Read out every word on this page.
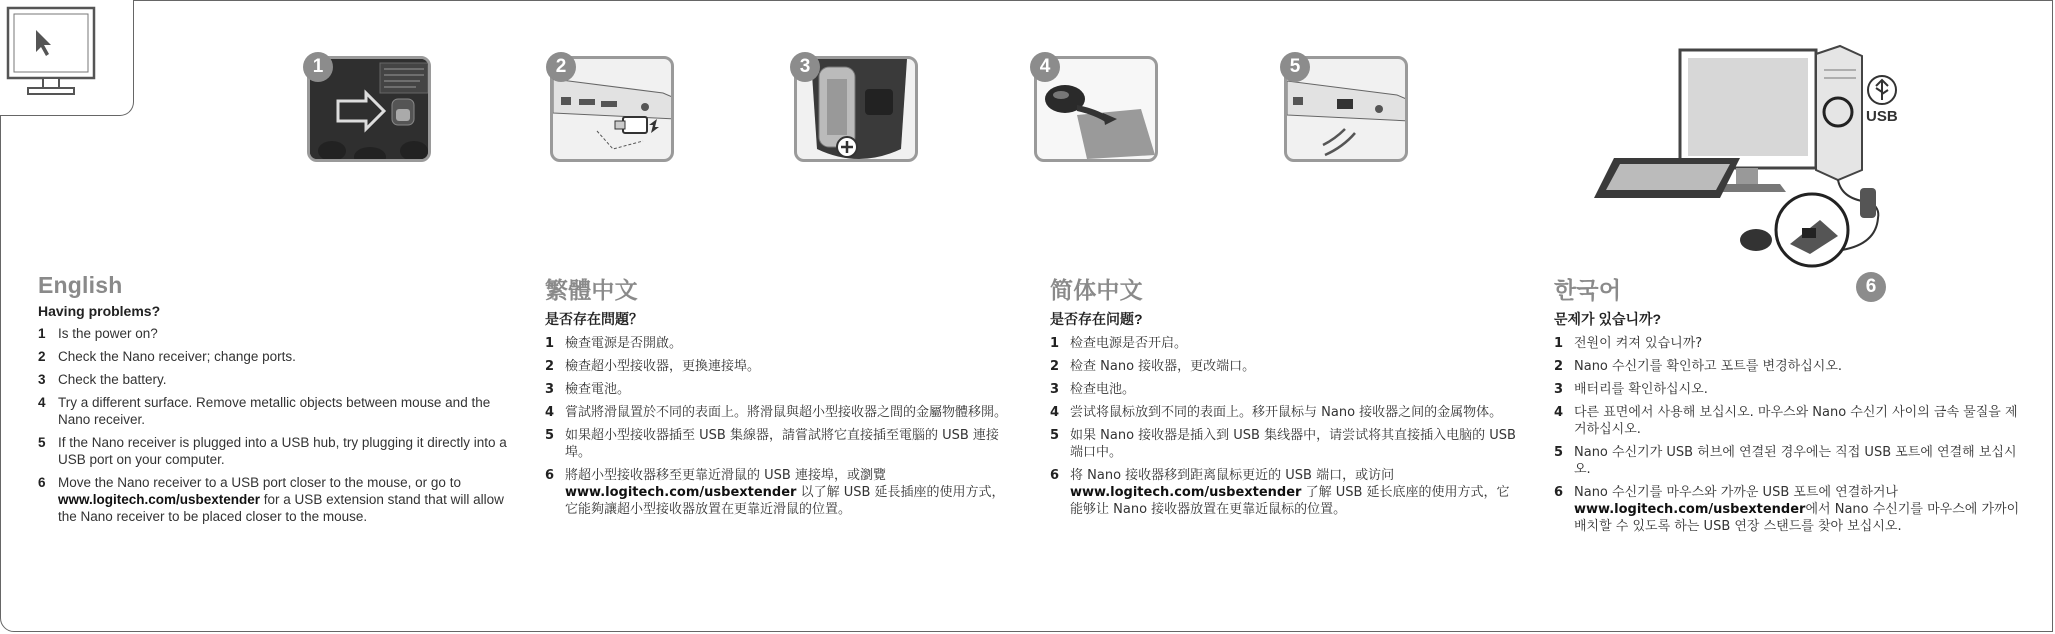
1	2	3	4	5
USB
6
English
Having problems?
1 Is the power on?
2 Check the Nano receiver; change ports.
3 Check the battery.
4 Try a different surface. Remove metallic objects between mouse and the Nano receiver.
5 If the Nano receiver is plugged into a USB hub, try plugging it directly into a USB port on your computer.
6 Move the Nano receiver to a USB port closer to the mouse, or go to www.logitech.com/usbextender for a USB extension stand that will allow the Nano receiver to be placed closer to the mouse.
繁體中文
是否存在問題？
1 檢查電源是否開啟。
2 檢查超小型接收器，更換連接埠。
3 檢查電池。
4 嘗試將滑鼠置於不同的表面上。將滑鼠與超小型接收器之間的金屬物體移開。
5 如果超小型接收器插至 USB 集線器，請嘗試將它直接插至電腦的 USB 連接埠。
6 將超小型接收器移至更靠近滑鼠的 USB 連接埠，或瀏覽 www.logitech.com/usbextender 以了解 USB 延長插座的使用方式，它能夠讓超小型接收器放置在更靠近滑鼠的位置。
简体中文
是否存在问题?
1 检查电源是否开启。
2 检查 Nano 接收器，更改端口。
3 检查电池。
4 尝试将鼠标放到不同的表面上。移开鼠标与 Nano 接收器之间的金属物体。
5 如果 Nano 接收器是插入到 USB 集线器中，请尝试将其直接插入电脑的 USB 端口中。
6 将 Nano 接收器移到距离鼠标更近的 USB 端口，或访问 www.logitech.com/usbextender 了解 USB 延长底座的使用方式，它能够让 Nano 接收器放置在更靠近鼠标的位置。
한국어
문제가 있습니까?
1 전원이 켜져 있습니까?
2 Nano 수신기를 확인하고 포트를 변경하십시오.
3 배터리를 확인하십시오.
4 다른 표면에서 사용해 보십시오. 마우스와 Nano 수신기 사이의 금속 물질을 제거하십시오.
5 Nano 수신기가 USB 허브에 연결된 경우에는 직접 USB 포트에 연결해 보십시오.
6 Nano 수신기를 마우스와 가까운 USB 포트에 연결하거나 www.logitech.com/usbextender에서 Nano 수신기를 마우스에 가까이 배치할 수 있도록 하는 USB 연장 스탠드를 찾아 보십시오.
